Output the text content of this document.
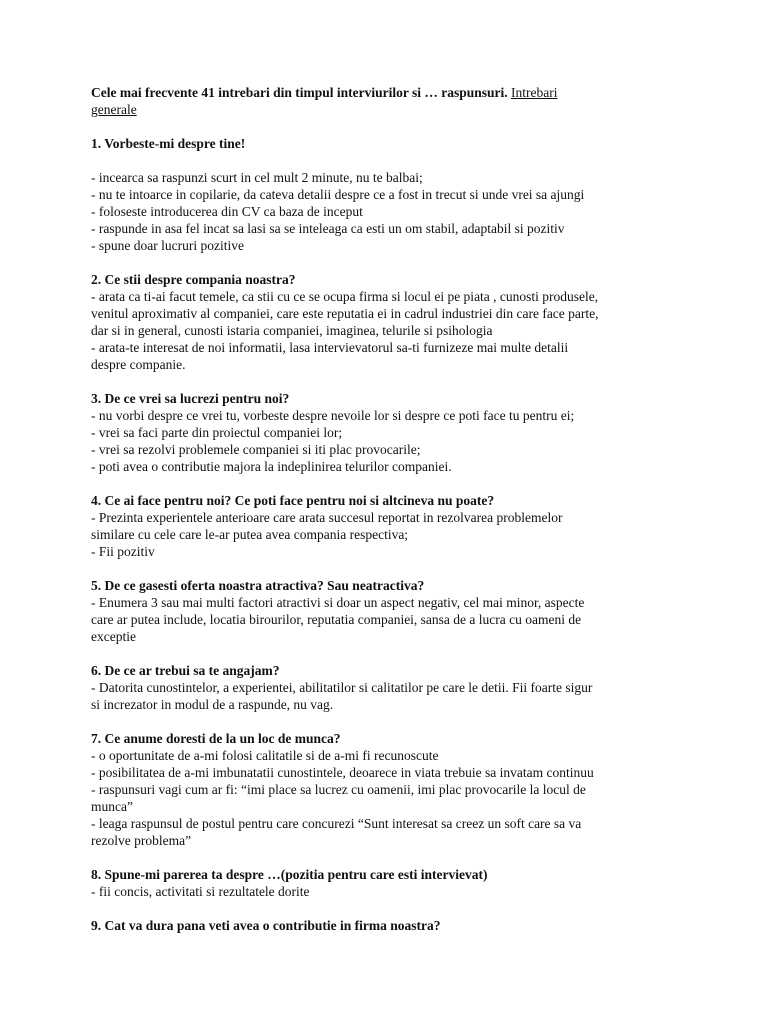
Cele mai frecvente 41 intrebari din timpul interviurilor si … raspunsuri. Intrebari
generale

1. Vorbeste-mi despre tine!

- incearca sa raspunzi scurt in cel mult 2 minute, nu te balbai;

- nu te intoarce in copilarie, da cateva detalii despre ce a fost in trecut si unde vrei sa ajungi

- foloseste introducerea din CV ca baza de inceput

- raspunde in asa fel incat sa lasi sa se inteleaga ca esti un om stabil, adaptabil si pozitiv

- spune doar lucruri pozitive

2. Ce stii despre compania noastra?

- arata ca ti-ai facut temele, ca stii cu ce se ocupa firma si locul ei pe piata , cunosti produsele,

venitul aproximativ al companiei, care este reputatia ei in cadrul industriei din care face parte,

dar si in general, cunosti istaria companiei, imaginea, telurile si psihologia

- arata-te interesat de noi informatii, lasa intervievatorul sa-ti furnizeze mai multe detalii

despre companie.

3. De ce vrei sa lucrezi pentru noi?

- nu vorbi despre ce vrei tu, vorbeste despre nevoile lor si despre ce poti face tu pentru ei;

- vrei sa faci parte din proiectul companiei lor;

- vrei sa rezolvi problemele companiei si iti plac provocarile;

- poti avea o contributie majora la indeplinirea telurilor companiei.

4. Ce ai face pentru noi? Ce poti face pentru noi si altcineva nu poate?

- Prezinta experientele anterioare care arata succesul reportat in rezolvarea problemelor

similare cu cele care le-ar putea avea compania respectiva;

- Fii pozitiv

5. De ce gasesti oferta noastra atractiva? Sau neatractiva?

- Enumera 3 sau mai multi factori atractivi si doar un aspect negativ, cel mai minor, aspecte

care ar putea include, locatia birourilor, reputatia companiei, sansa de a lucra cu oameni de

exceptie

6. De ce ar trebui sa te angajam?

- Datorita cunostintelor, a experientei, abilitatilor si calitatilor pe care le detii. Fii foarte sigur

si increzator in modul de a raspunde, nu vag.

7. Ce anume doresti de la un loc de munca?

- o oportunitate de a-mi folosi calitatile si de a-mi fi recunoscute

- posibilitatea de a-mi imbunatatii cunostintele, deoarece in viata trebuie sa invatam continuu

- raspunsuri vagi cum ar fi: “imi place sa lucrez cu oamenii, imi plac provocarile la locul de

munca”

- leaga raspunsul de postul pentru care concurezi “Sunt interesat sa creez un soft care sa va

rezolve problema”

8. Spune-mi parerea ta despre …(pozitia pentru care esti intervievat)

- fii concis, activitati si rezultatele dorite

9. Cat va dura pana veti avea o contributie in firma noastra?
